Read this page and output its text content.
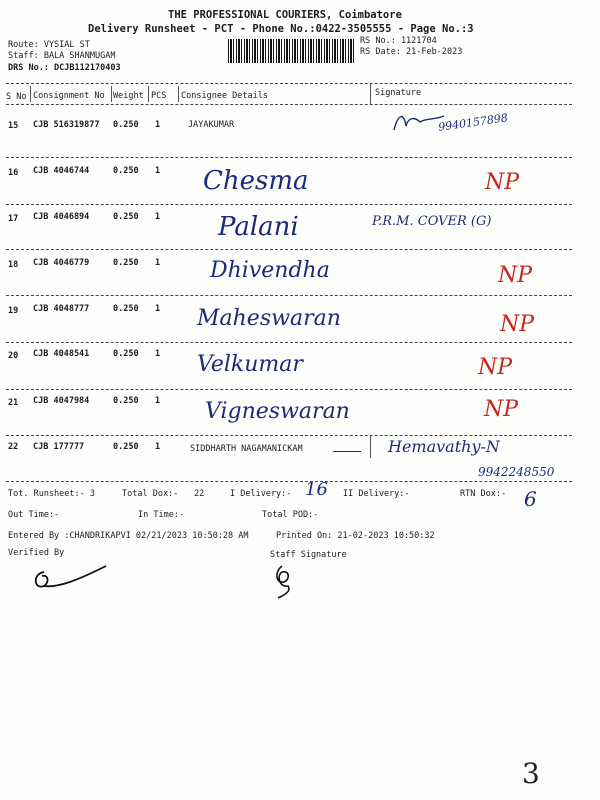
THE PROFESSIONAL COURIERS, Coimbatore
Delivery Runsheet - PCT - Phone No.:0422-3505555 - Page No.:3
Route: VYSIAL ST
Staff: BALA SHANMUGAM
DRS No.: DCJB112170403
RS No.: 1121704
RS Date: 21-Feb-2023
S No Consignment No Weight PCS Consignee Details	Signature
15 CJB 516319877 0.250 1	JAYAKUMAR	9940157898
16 CJB 4046744	0.250 1 Chesma	NP
17 CJB 4046894	0.250 1 Palani	P.R.M. COVER (G)
18 CJB 4046779	0.250 1 Dhivendha	NP
19 CJB 4048777	0.250 1 Maheswaran	NP
20 CJB 4048541	0.250 1 Velkumar	NP
21 CJB 4047984	0.250 1 Vigneswaran	NP
22 CJB 177777	0.250 1	SIDDHARTH NAGAMANICKAM	Hemavathy-N
9942248550
Tot. Runsheet:- 3	Total Dox:- 22	I Delivery:- 16 II Delivery:-	RTN Dox:- 6
Out Time:-	In Time:-	Total POD:-
Entered By :CHANDRIKAPVI 02/21/2023 10:50:28 AM	Printed On: 21-02-2023 10:50:32
Verified By	Staff Signature
3
